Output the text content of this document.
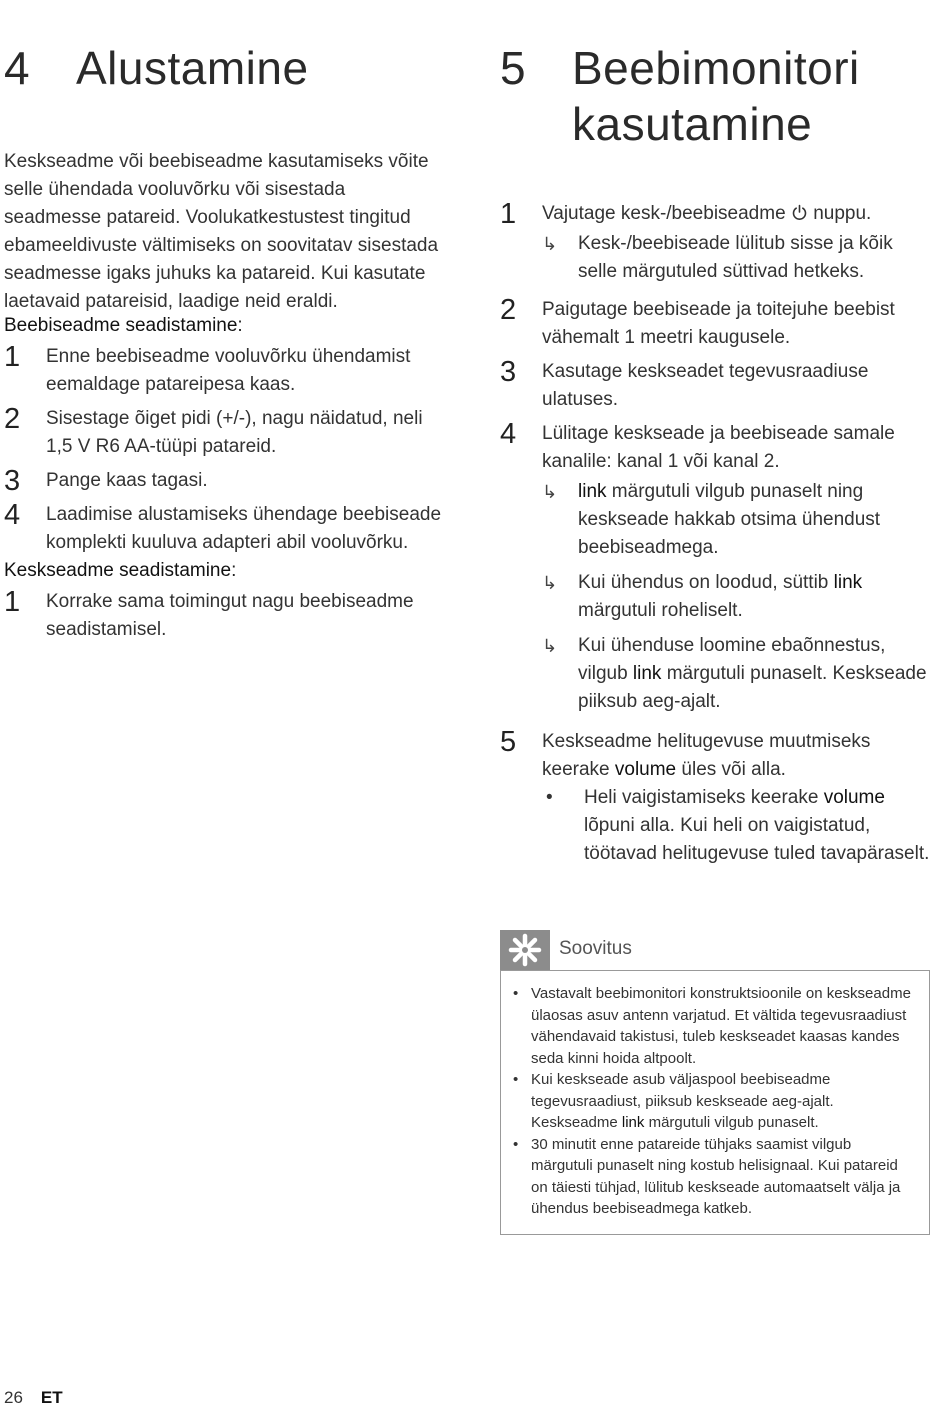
4 Alustamine

Keskseadme või beebiseadme kasutamiseks võite selle ühendada vooluvõrku või sisestada seadmesse patareid. Voolukatkestustest tingitud ebameeldivuste vältimiseks on soovitatav sisestada seadmesse igaks juhuks ka patareid. Kui kasutate laetavaid patareisid, laadige neid eraldi.

Beebiseadme seadistamine:

1 Enne beebiseadme vooluvõrku ühendamist eemaldage patareipesa kaas.
2 Sisestage õiget pidi (+/-), nagu näidatud, neli 1,5 V R6 AA-tüüpi patareid.
3 Pange kaas tagasi.
4 Laadimise alustamiseks ühendage beebiseade komplekti kuuluva adapteri abil vooluvõrku.

Keskseadme seadistamine:

1 Korrake sama toimingut nagu beebiseadme seadistamisel.
5 Beebimonitori kasutamine
1 Vajutage kesk-/beebiseadme  nuppu.
↳ Kesk-/beebiseade lülitub sisse ja kõik selle märgutuled süttivad hetkeks.
2 Paigutage beebiseade ja toitejuhe beebist vähemalt 1 meetri kaugusele.
3 Kasutage keskseadet tegevusraadiuse ulatuses.
4 Lülitage keskseade ja beebiseade samale kanalile: kanal 1 või kanal 2.
↳ link märgutuli vilgub punaselt ning keskseade hakkab otsima ühendust beebiseadmega.
↳ Kui ühendus on loodud, süttib link märgutuli roheliselt.
↳ Kui ühenduse loomine ebaõnnestus, vilgub link märgutuli punaselt. Keskseade piiksub aeg-ajalt.
5 Keskseadme helitugevuse muutmiseks keerake volume üles või alla.
• Heli vaigistamiseks keerake volume lõpuni alla. Kui heli on vaigistatud, töötavad helitugevuse tuled tavapäraselt.
Soovitus
• Vastavalt beebimonitori konstruktsioonile on keskseadme ülaosas asuv antenn varjatud. Et vältida tegevusraadiust vähendavaid takistusi, tuleb keskseadet kaasas kandes seda kinni hoida altpoolt.
• Kui keskseade asub väljaspool beebiseadme tegevusraadiust, piiksub keskseade aeg-ajalt. Keskseadme link märgutuli vilgub punaselt.
• 30 minutit enne patareide tühjaks saamist vilgub märgutuli punaselt ning kostub helisignaal. Kui patareid on täiesti tühjad, lülitub keskseade automaatselt välja ja ühendus beebiseadmega katkeb.
26 ET
